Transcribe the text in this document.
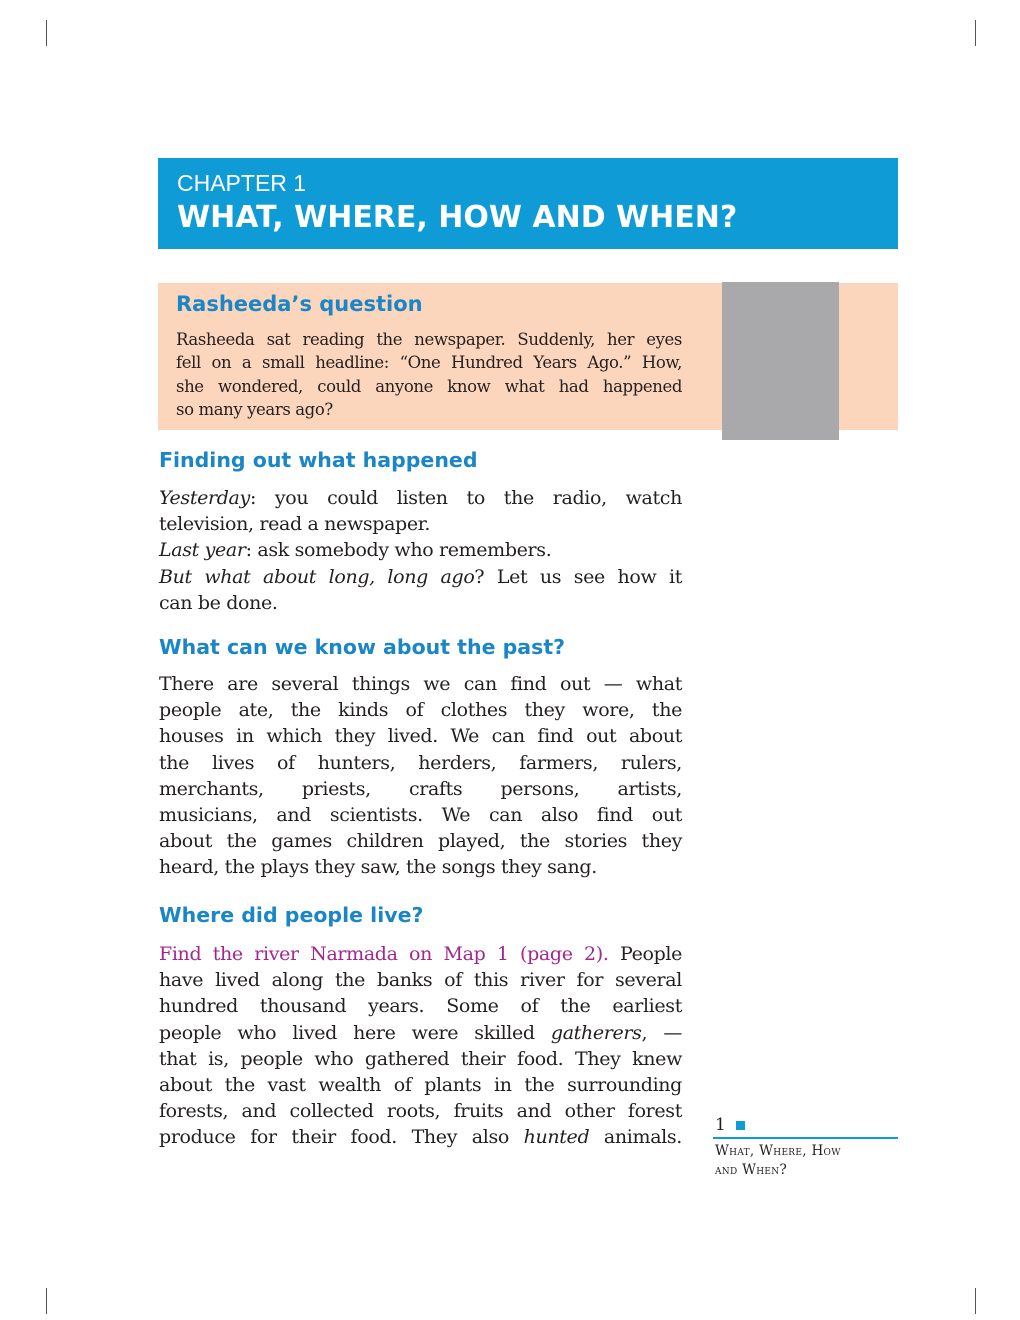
CHAPTER 1
WHAT, WHERE, HOW AND WHEN?
Rasheeda’s question
Rasheeda sat reading the newspaper. Suddenly, her eyes
fell on a small headline: “One Hundred Years Ago.” How,
she wondered, could anyone know what had happened
so many years ago?
Finding out what happened
Yesterday: you could listen to the radio, watch
television, read a newspaper.
Last year: ask somebody who remembers.
But what about long, long ago? Let us see how it
can be done.
What can we know about the past?
There are several things we can find out — what
people ate, the kinds of clothes they wore, the
houses in which they lived. We can find out about
the lives of hunters, herders, farmers, rulers,
merchants, priests, crafts persons, artists,
musicians, and scientists. We can also find out
about the games children played, the stories they
heard, the plays they saw, the songs they sang.
Where did people live?
Find the river Narmada on Map 1 (page 2). People
have lived along the banks of this river for several
hundred thousand years. Some of the earliest
people who lived here were skilled gatherers, —
that is, people who gathered their food. They knew
about the vast wealth of plants in the surrounding
forests, and collected roots, fruits and other forest
produce for their food. They also hunted animals.
1
What, Where, How
and When?
